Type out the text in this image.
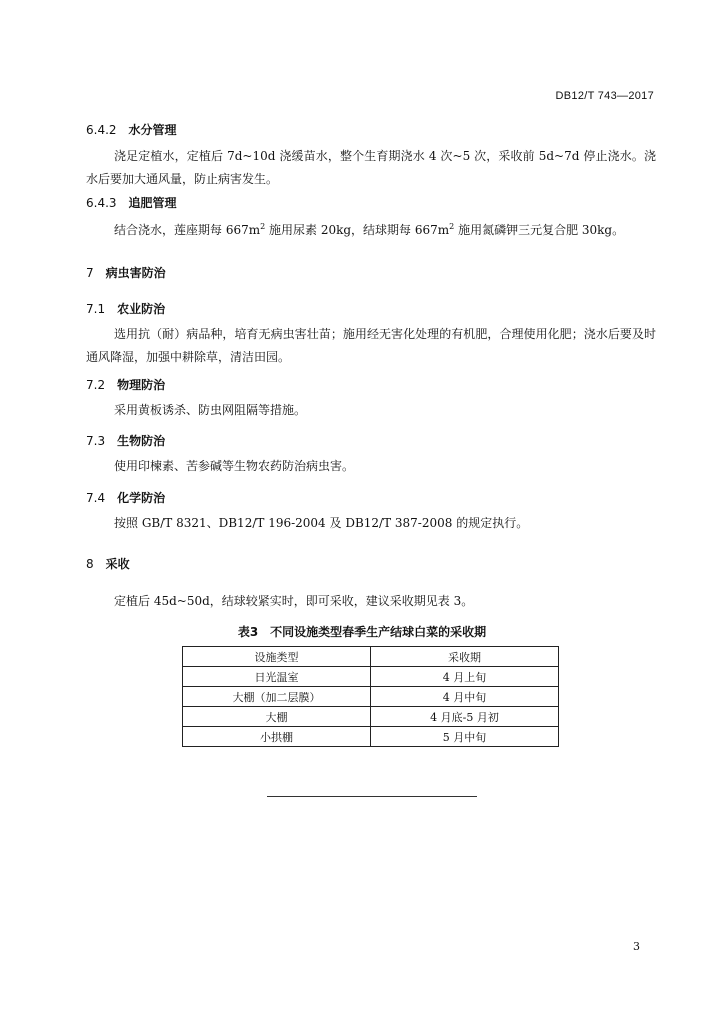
DB12/T 743—2017
6.4.2 水分管理
浇足定植水，定植后 7d~10d 浇缓苗水，整个生育期浇水 4 次~5 次，采收前 5d~7d 停止浇水。浇水后要加大通风量，防止病害发生。
6.4.3 追肥管理
结合浇水，莲座期每 $667m^2$ 施用尿素 20kg，结球期每 $667m^2$ 施用氮磷钾三元复合肥 30kg。
7 病虫害防治
7.1 农业防治
选用抗（耐）病品种，培育无病虫害壮苗；施用经无害化处理的有机肥，合理使用化肥；浇水后要及时通风降湿，加强中耕除草，清洁田园。
7.2 物理防治
采用黄板诱杀、防虫网阻隔等措施。
7.3 生物防治
使用印楝素、苦参碱等生物农药防治病虫害。
7.4 化学防治
按照 GB/T 8321、DB12/T 196-2004 及 DB12/T 387-2008 的规定执行。
8 采收
定植后 45d~50d，结球较紧实时，即可采收，建议采收期见表 3。
表3　不同设施类型春季生产结球白菜的采收期
设施类型	采收期
日光温室	4 月上旬
大棚（加二层膜）	4 月中旬
大棚	4 月底-5 月初
小拱棚	5 月中旬
3
